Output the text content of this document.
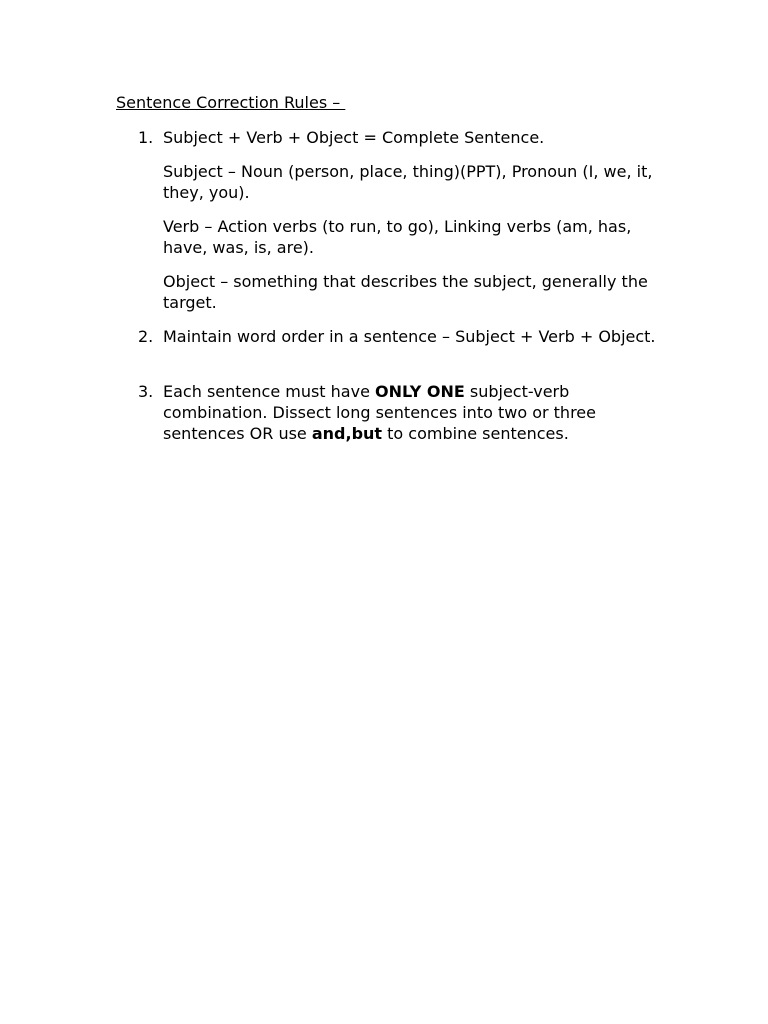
Sentence Correction Rules –
1. Subject + Verb + Object = Complete Sentence.
Subject – Noun (person, place, thing)(PPT), Pronoun (I, we, it, they, you).
Verb – Action verbs (to run, to go), Linking verbs (am, has, have, was, is, are).
Object – something that describes the subject, generally the target.
2. Maintain word order in a sentence – Subject + Verb + Object.
3. Each sentence must have ONLY ONE subject-verb combination. Dissect long sentences into two or three sentences OR use and,but to combine sentences.
